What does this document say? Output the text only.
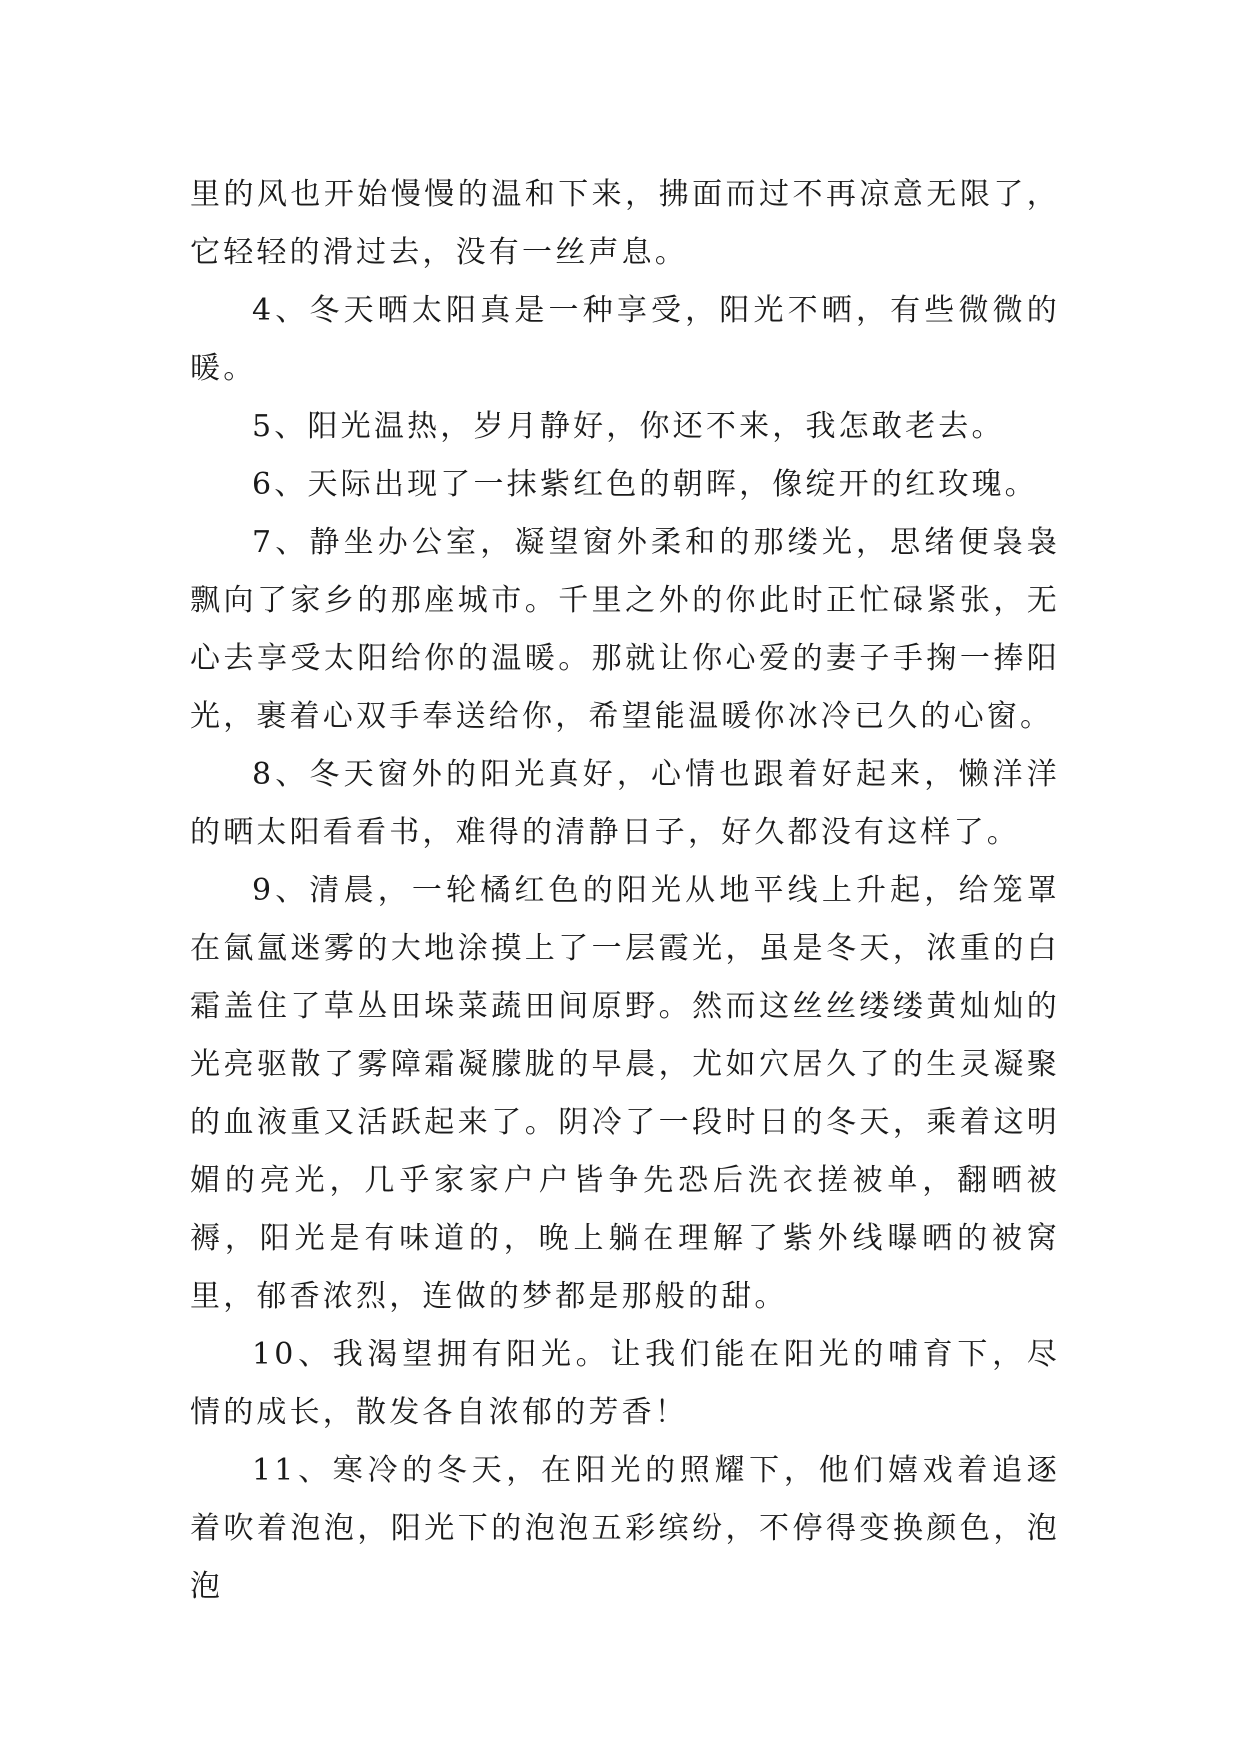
里的风也开始慢慢的温和下来，拂面而过不再凉意无限了，它轻轻的滑过去，没有一丝声息。

4、冬天晒太阳真是一种享受，阳光不晒，有些微微的暖。

5、阳光温热，岁月静好，你还不来，我怎敢老去。

6、天际出现了一抹紫红色的朝晖，像绽开的红玫瑰。

7、静坐办公室，凝望窗外柔和的那缕光，思绪便袅袅飘向了家乡的那座城市。千里之外的你此时正忙碌紧张，无心去享受太阳给你的温暖。那就让你心爱的妻子手掬一捧阳光，裹着心双手奉送给你，希望能温暖你冰冷已久的心窗。

8、冬天窗外的阳光真好，心情也跟着好起来，懒洋洋的晒太阳看看书，难得的清静日子，好久都没有这样了。

9、清晨，一轮橘红色的阳光从地平线上升起，给笼罩在氤氲迷雾的大地涂摸上了一层霞光，虽是冬天，浓重的白霜盖住了草丛田垛菜蔬田间原野。然而这丝丝缕缕黄灿灿的光亮驱散了雾障霜凝朦胧的早晨，尤如穴居久了的生灵凝聚的血液重又活跃起来了。阴冷了一段时日的冬天，乘着这明媚的亮光，几乎家家户户皆争先恐后洗衣搓被单，翻晒被褥，阳光是有味道的，晚上躺在理解了紫外线曝晒的被窝里，郁香浓烈，连做的梦都是那般的甜。

10、我渴望拥有阳光。让我们能在阳光的哺育下，尽情的成长，散发各自浓郁的芳香！

11、寒冷的冬天，在阳光的照耀下，他们嬉戏着追逐着吹着泡泡，阳光下的泡泡五彩缤纷，不停得变换颜色，泡泡
